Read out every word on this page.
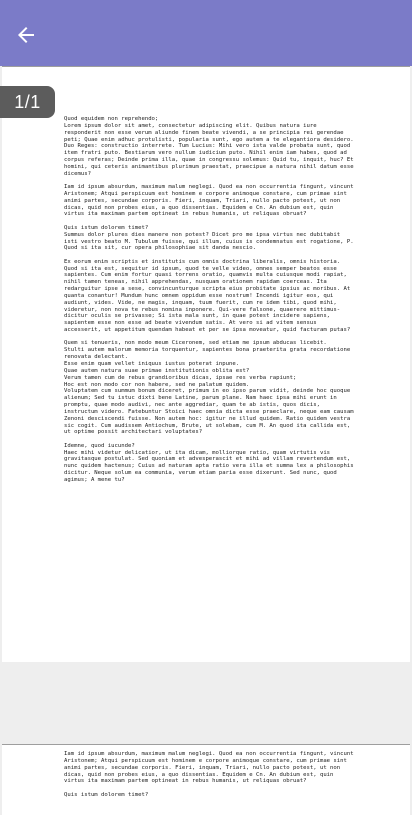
Quod equidem non reprehendo;
Lorem ipsum dolor sit amet, consectetur adipiscing elit. Quibus natura iure
responderit non esse verum aliunde finem beate vivendi, a se principia rei gerendae
peti; Quae enim adhuc protulisti, popularia sunt, ego autem a te elegantiora desidero.
Duo Reges: constructio interrete. Tum Lucius: Mihi vero ista valde probata sunt, quod
item fratri puto. Bestiarum vero nullum iudicium puto. Nihil enim iam habes, quod ad
corpus referas; Deinde prima illa, quae in congressu solemus: Quid tu, inquit, huc? Et
homini, qui ceteris animantibus plurimum praestat, praecipue a natura nihil datum esse
dicemus?

Iam id ipsum absurdum, maximum malum neglegi. Quod ea non occurrentia fingunt, vincunt
Aristonem; Atqui perspicuum est hominem e corpore animoque constare, cum primae sint
animi partes, secundae corporis. Fieri, inquam, Triari, nullo pacto potest, ut non
dicas, quid non probes eius, a quo dissentias. Equidem e Cn. An dubium est, quin
virtus ita maximam partem optineat in rebus humanis, ut reliquas obruat?

Quis istum dolorem timet?
Summus dolor plures dies manere non potest? Dicet pro me ipsa virtus nec dubitabit
isti vestro beato M. Tubulum fuisse, qui illum, cuius is condemnatus est rogatione, P.
Quod si ita sit, cur opera philosophiae sit danda nescio.

Ex eorum enim scriptis et institutis cum omnis doctrina liberalis, omnis historia.
Quod si ita est, sequitur id ipsum, quod te velle video, omnes semper beatos esse
sapientes. Cum enim fortur quasi torrens oratio, quamvis multa cuiusque modi rapiat,
nihil tamen teneas, nihil apprehendas, nusquam orationem rapidam coerceas. Ita
redarguitur ipse a sese, convincunturque scripta eius probitate ipsius ac moribus. At
quanta conantur! Mundum hunc omnem oppidum esse nostrum! Incendi igitur eos, qui
audiunt, vides. Vide, ne magis, inquam, tuum fuerit, cum re idem tibi, quod mihi,
videretur, non nova te rebus nomina inponere. Qui-vere falsone, quaerere mittimus-
dicitur oculis se privasse; Si ista mala sunt, in quae potest incidere sapiens,
sapientem esse non esse ad beate vivendum satis. At vero si ad vitem sensus
accesserit, ut appetitum quendam habeat et per se ipsa moveatur, quid facturam putas?

Quem si tenueris, non modo meum Ciceronem, sed etiam me ipsum abducas licebit.
Stulti autem malorum memoria torquentur, sapientes bona praeterita grata recordatione
renovata delectant.
Esse enim quam vellet iniquus iustus poterat inpune.
Quae autem natura suae primae institutionis oblita est?
Verum tamen cum de rebus grandioribus dicas, ipsae res verba rapiunt;
Hoc est non modo cor non habere, sed ne palatum quidem.
Voluptatem cum summum bonum diceret, primum in eo ipso parum vidit, deinde hoc quoque
alienum; Sed tu istuc dixti bene Latine, parum plane. Nam haec ipsa mihi erunt in
promptu, quae modo audivi, nec ante aggrediar, quam te ab istis, quos dicis,
instructum videro. Fatebuntur Stoici haec omnia dicta esse praeclare, neque eam causam
Zenoni desciscendi fuisse. Non autem hoc: igitur ne illud quidem. Ratio quidem vestra
sic cogit. Cum audissem Antiochum, Brute, ut solebam, cum M. An quod ita callida est,
ut optime possit architectari voluptates?

Idemne, quod iucunde?
Haec mihi videtur delicatior, ut ita dicam, molliorque ratio, quam virtutis vis
gravitasque postulat. Sed quoniam et advesperascit et mihi ad villam revertendum est,
nunc quidem hactenus; Cuius ad naturam apta ratio vera illa et summa lex a philosophis
dicitur. Neque solum ea communia, verum etiam paria esse dixerunt. Sed nunc, quod
agimus; A mene tu?

Iam id ipsum absurdum, maximum malum neglegi. Quod ea non occurrentia fingunt, vincunt
Aristonem; Atqui perspicuum est hominem e corpore animoque constare, cum primae sint
animi partes, secundae corporis. Fieri, inquam, Triari, nullo pacto potest, ut non
dicas, quid non probes eius, a quo dissentias. Equidem e Cn. An dubium est, quin
virtus ita maximam partem optineat in rebus humanis, ut reliquas obruat?

Quis istum dolorem timet?

1/1
